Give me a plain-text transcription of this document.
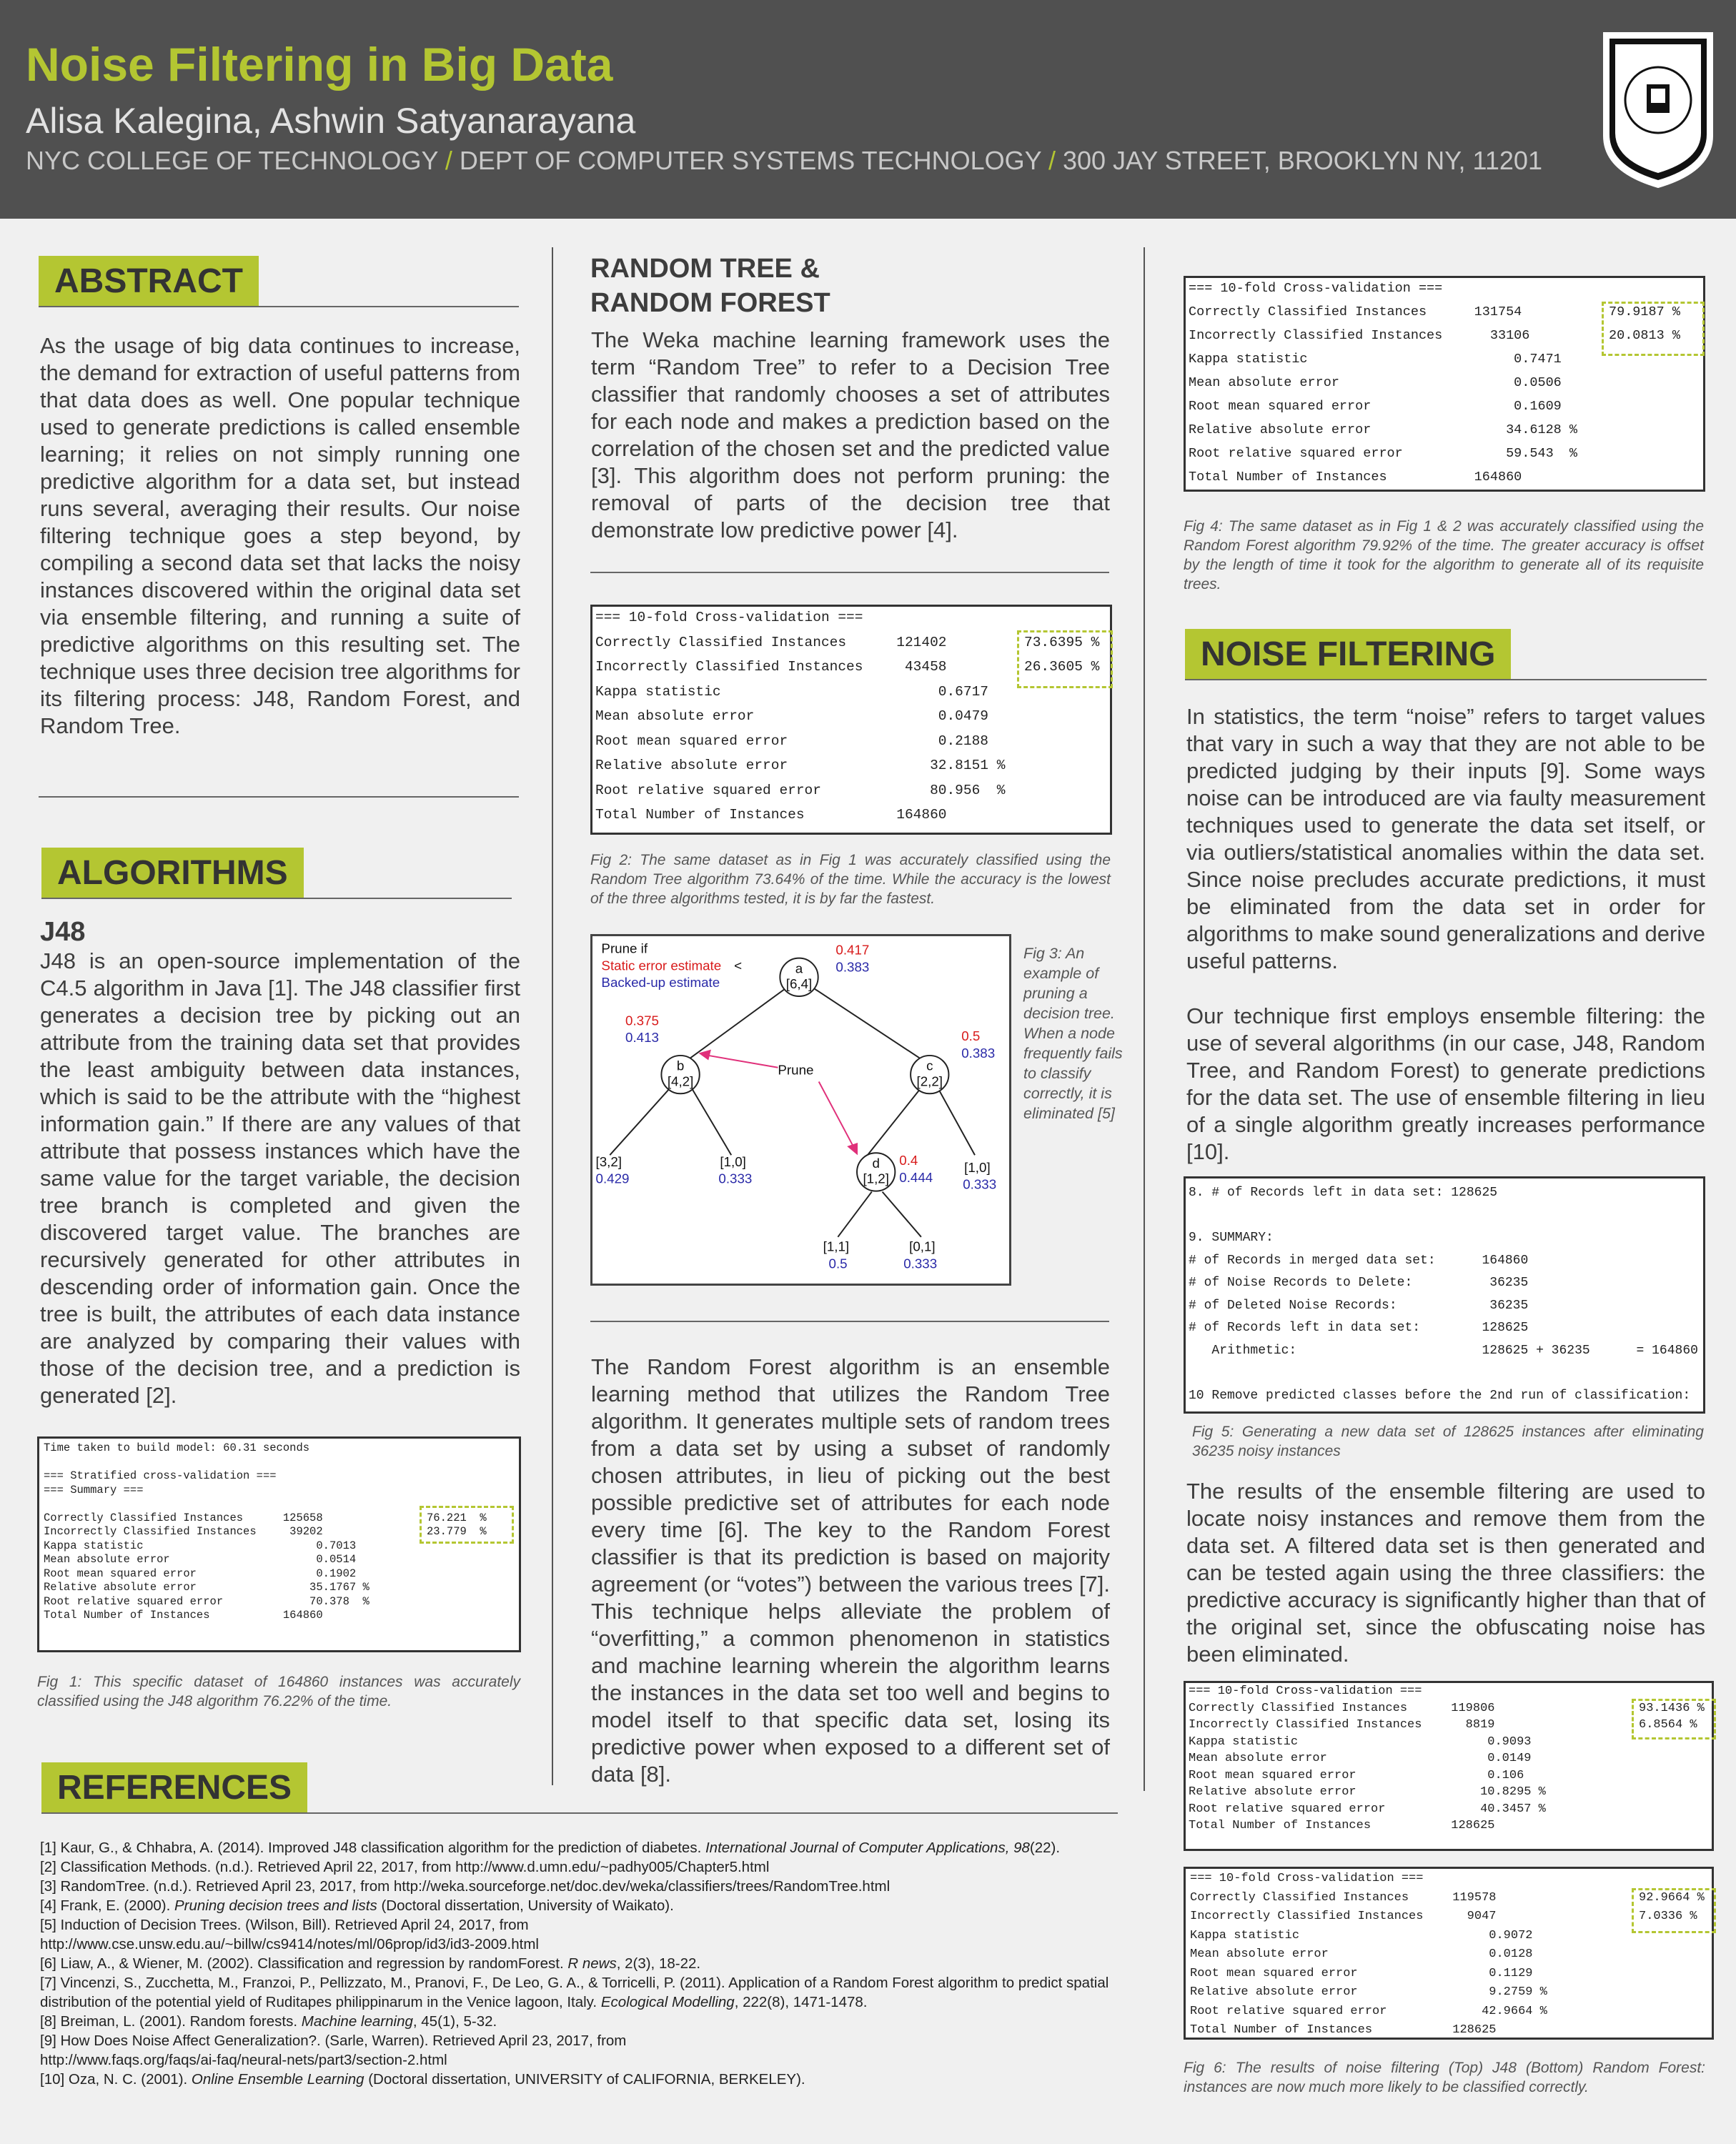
Noise Filtering in Big Data
Alisa Kalegina, Ashwin Satyanarayana
NYC COLLEGE OF TECHNOLOGY / DEPT OF COMPUTER SYSTEMS TECHNOLOGY / 300 JAY STREET, BROOKLYN NY, 11201
ABSTRACT
As the usage of big data continues to increase, the demand for extraction of useful patterns from that data does as well. One popular technique used to generate predictions is called ensemble learning; it relies on not simply running one predictive algorithm for a data set, but instead runs several, averaging their results. Our noise filtering technique goes a step beyond, by compiling a second data set that lacks the noisy instances discovered within the original data set via ensemble filtering, and running a suite of predictive algorithms on this resulting set. The technique uses three decision tree algorithms for its filtering process: J48, Random Forest, and Random Tree.
ALGORITHMS
J48
J48 is an open-source implementation of the C4.5 algorithm in Java [1]. The J48 classifier first generates a decision tree by picking out an attribute from the training data set that provides the least ambiguity between data instances, which is said to be the attribute with the “highest information gain.” If there are any values of that attribute that possess instances which have the same value for the target variable, the decision tree branch is completed and given the discovered target value. The branches are recursively generated for other attributes in descending order of information gain. Once the tree is built, the attributes of each data instance are analyzed by comparing their values with those of the decision tree, and a prediction is generated [2].
Time taken to build model: 60.31 seconds
=== Stratified cross-validation ===
=== Summary ===
Correctly Classified Instances      125658
Incorrectly Classified Instances     39202
Kappa statistic                          0.7013
Mean absolute error                      0.0514
Root mean squared error                  0.1902
Relative absolute error                 35.1767 %
Root relative squared error             70.378  %
Total Number of Instances           164860
76.221  %
23.779  %
Fig 1: This specific dataset of 164860 instances was accurately classified using the J48 algorithm 76.22% of the time.
REFERENCES

[1] Kaur, G., & Chhabra, A. (2014). Improved J48 classification algorithm for the prediction of diabetes. International Journal of Computer Applications, 98(22).

[2] Classification Methods. (n.d.). Retrieved April 22, 2017, from http://www.d.umn.edu/~padhy005/Chapter5.html

[3] RandomTree. (n.d.). Retrieved April 23, 2017, from http://weka.sourceforge.net/doc.dev/weka/classifiers/trees/RandomTree.html

[4] Frank, E. (2000). Pruning decision trees and lists (Doctoral dissertation, University of Waikato).

[5] Induction of Decision Trees. (Wilson, Bill). Retrieved April 24, 2017, from
http://www.cse.unsw.edu.au/~billw/cs9414/notes/ml/06prop/id3/id3-2009.html

[6] Liaw, A., & Wiener, M. (2002). Classification and regression by randomForest. R news, 2(3), 18-22.

[7] Vincenzi, S., Zucchetta, M., Franzoi, P., Pellizzato, M., Pranovi, F., De Leo, G. A., & Torricelli, P. (2011). Application of a Random Forest algorithm to predict spatial distribution of the potential yield of Ruditapes philippinarum in the Venice lagoon, Italy. Ecological Modelling, 222(8), 1471-1478.

[8] Breiman, L. (2001). Random forests. Machine learning, 45(1), 5-32.

[9] How Does Noise Affect Generalization?. (Sarle, Warren). Retrieved April 23, 2017, from
http://www.faqs.org/faqs/ai-faq/neural-nets/part3/section-2.html

[10] Oza, N. C. (2001). Online Ensemble Learning (Doctoral dissertation, UNIVERSITY of CALIFORNIA, BERKELEY).

RANDOM TREE &
RANDOM FOREST
The Weka machine learning framework uses the term “Random Tree” to refer to a Decision Tree classifier that randomly chooses a set of attributes for each node and makes a prediction based on the correlation of the chosen set and the predicted value [3]. This algorithm does not perform pruning: the removal of parts of the decision tree that demonstrate low predictive power [4].
=== 10-fold Cross-validation ===
Correctly Classified Instances      121402
Incorrectly Classified Instances     43458
Kappa statistic                          0.6717
Mean absolute error                      0.0479
Root mean squared error                  0.2188
Relative absolute error                 32.8151 %
Root relative squared error             80.956  %
Total Number of Instances           164860
73.6395 %
26.3605 %
Fig 2: The same dataset as in Fig 1 was accurately classified using the Random Tree algorithm 73.64% of the time. While the accuracy is the lowest of the three algorithms tested, it is by far the fastest.
Prune if
Static error estimate <
Backed-up estimate
Prune
a
[6,4]
0.417
0.383
b
[4,2]
0.375
0.413
c
[2,2]
0.5
0.383
d
[1,2]
0.4
0.444
[3,2]
0.429
[1,0]
0.333
[1,0]
0.333
[1,1]
0.5
[0,1]
0.333
Fig 3: An example of pruning a decision tree. When a node frequently fails to classify correctly, it is eliminated [5]
The Random Forest algorithm is an ensemble learning method that utilizes the Random Tree algorithm. It generates multiple sets of random trees from a data set by using a subset of randomly chosen attributes, in lieu of picking out the best possible predictive set of attributes for each node every time [6]. The key to the Random Forest classifier is that its prediction is based on majority agreement (or “votes”) between the various trees [7]. This technique helps alleviate the problem of “overfitting,” a common phenomenon in statistics and machine learning wherein the algorithm learns the instances in the data set too well and begins to model itself to that specific data set, losing its predictive power when exposed to a different set of data [8].
=== 10-fold Cross-validation ===
Correctly Classified Instances      131754
Incorrectly Classified Instances      33106
Kappa statistic                          0.7471
Mean absolute error                      0.0506
Root mean squared error                  0.1609
Relative absolute error                 34.6128 %
Root relative squared error             59.543  %
Total Number of Instances           164860
79.9187 %
20.0813 %
Fig 4: The same dataset as in Fig 1 & 2 was accurately classified using the Random Forest algorithm 79.92% of the time. The greater accuracy is offset by the length of time it took for the algorithm to generate all of its requisite trees.
NOISE FILTERING
In statistics, the term “noise” refers to target values that vary in such a way that they are not able to be predicted judging by their inputs [9]. Some ways noise can be introduced are via faulty measurement techniques used to generate the data set itself, or via outliers/statistical anomalies within the data set. Since noise precludes accurate predictions, it must be eliminated from the data set in order for algorithms to make sound generalizations and derive useful patterns.
Our technique first employs ensemble filtering: the use of several algorithms (in our case, J48, Random Tree, and Random Forest) to generate predictions for the data set. The use of ensemble filtering in lieu of a single algorithm greatly increases performance [10].
8. # of Records left in data set: 128625
9. SUMMARY:
# of Records in merged data set:      164860
# of Noise Records to Delete:          36235
# of Deleted Noise Records:            36235
# of Records left in data set:        128625
Arithmetic:                        128625 + 36235      = 164860
10 Remove predicted classes before the 2nd run of classification:
Fig 5: Generating a new data set of 128625 instances after eliminating 36235 noisy instances
The results of the ensemble filtering are used to locate noisy instances and remove them from the data set. A filtered data set is then generated and can be tested again using the three classifiers: the predictive accuracy is significantly higher than that of the original set, since the obfuscating noise has been eliminated.
=== 10-fold Cross-validation ===
Correctly Classified Instances      119806
Incorrectly Classified Instances      8819
Kappa statistic                          0.9093
Mean absolute error                      0.0149
Root mean squared error                  0.106
Relative absolute error                 10.8295 %
Root relative squared error             40.3457 %
Total Number of Instances           128625
93.1436 %
6.8564 %
=== 10-fold Cross-validation ===
Correctly Classified Instances      119578
Incorrectly Classified Instances      9047
Kappa statistic                          0.9072
Mean absolute error                      0.0128
Root mean squared error                  0.1129
Relative absolute error                  9.2759 %
Root relative squared error             42.9664 %
Total Number of Instances           128625
92.9664 %
7.0336 %
Fig 6: The results of noise filtering (Top) J48 (Bottom) Random Forest: instances are now much more likely to be classified correctly.
